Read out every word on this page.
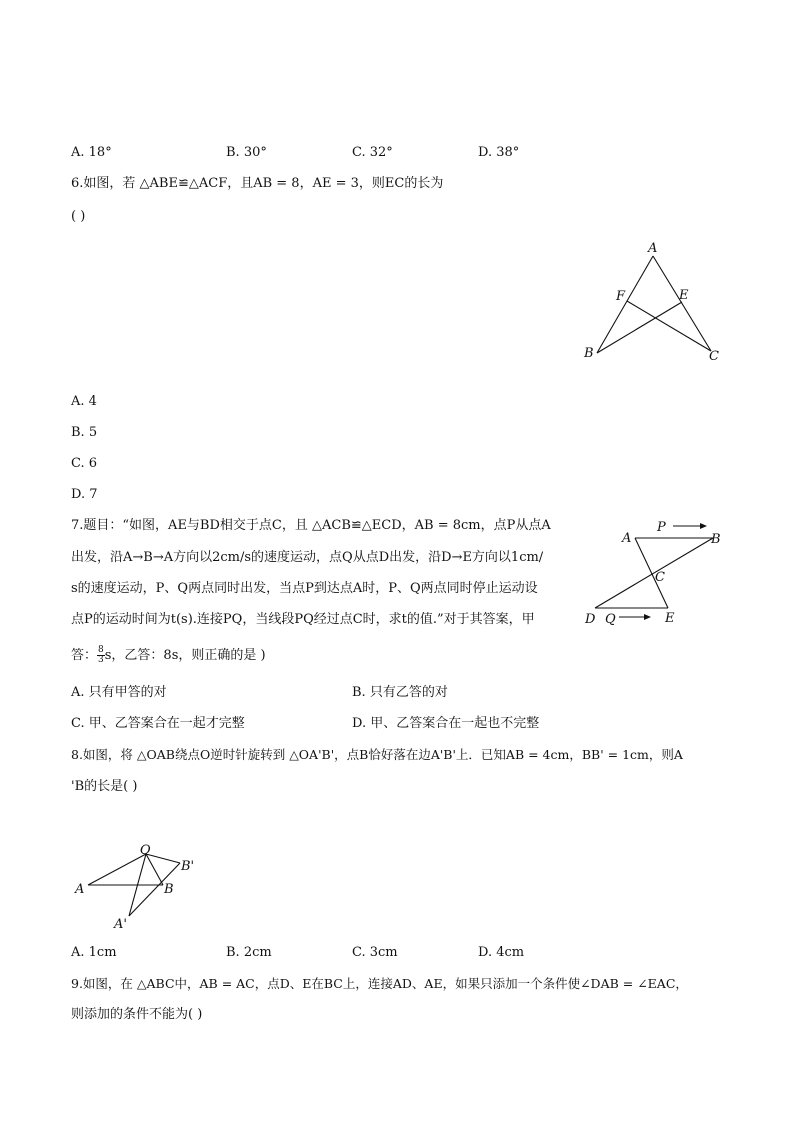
A. 18°	B. 30°	C. 32°	D. 38°
6.如图，若 △ABE≌△ACF，且AB = 8，AE = 3，则EC的长为
( )
A
F	E
B	C
A. 4
B. 5
C. 6
D. 7
7.题目：“如图，AE与BD相交于点C，且 △ACB≌△ECD，AB = 8cm，点P从点A
出发，沿A→B→A方向以2cm/s的速度运动，点Q从点D出发，沿D→E方向以1cm/
s的速度运动，P、Q两点同时出发，当点P到达点A时，P、Q两点同时停止运动设
点P的运动时间为t(s).连接PQ，当线段PQ经过点C时，求t的值.”对于其答案，甲
答： $\frac{8}{3}$ s，乙答：8s，则正确的是 )
A
P
B
C
D Q	E
A. 只有甲答的对	B. 只有乙答的对
C. 甲、乙答案合在一起才完整	D. 甲、乙答案合在一起也不完整
8.如图，将 △OAB绕点O逆时针旋转到 △OA'B'，点B恰好落在边A'B'上．已知AB = 4cm，BB' = 1cm，则A
'B的长是( )
O
B'
A	B
A'
A. 1cm	B. 2cm	C. 3cm	D. 4cm
9.如图，在 △ABC中，AB = AC，点D、E在BC上，连接AD、AE，如果只添加一个条件使∠DAB = ∠EAC，
则添加的条件不能为( )
